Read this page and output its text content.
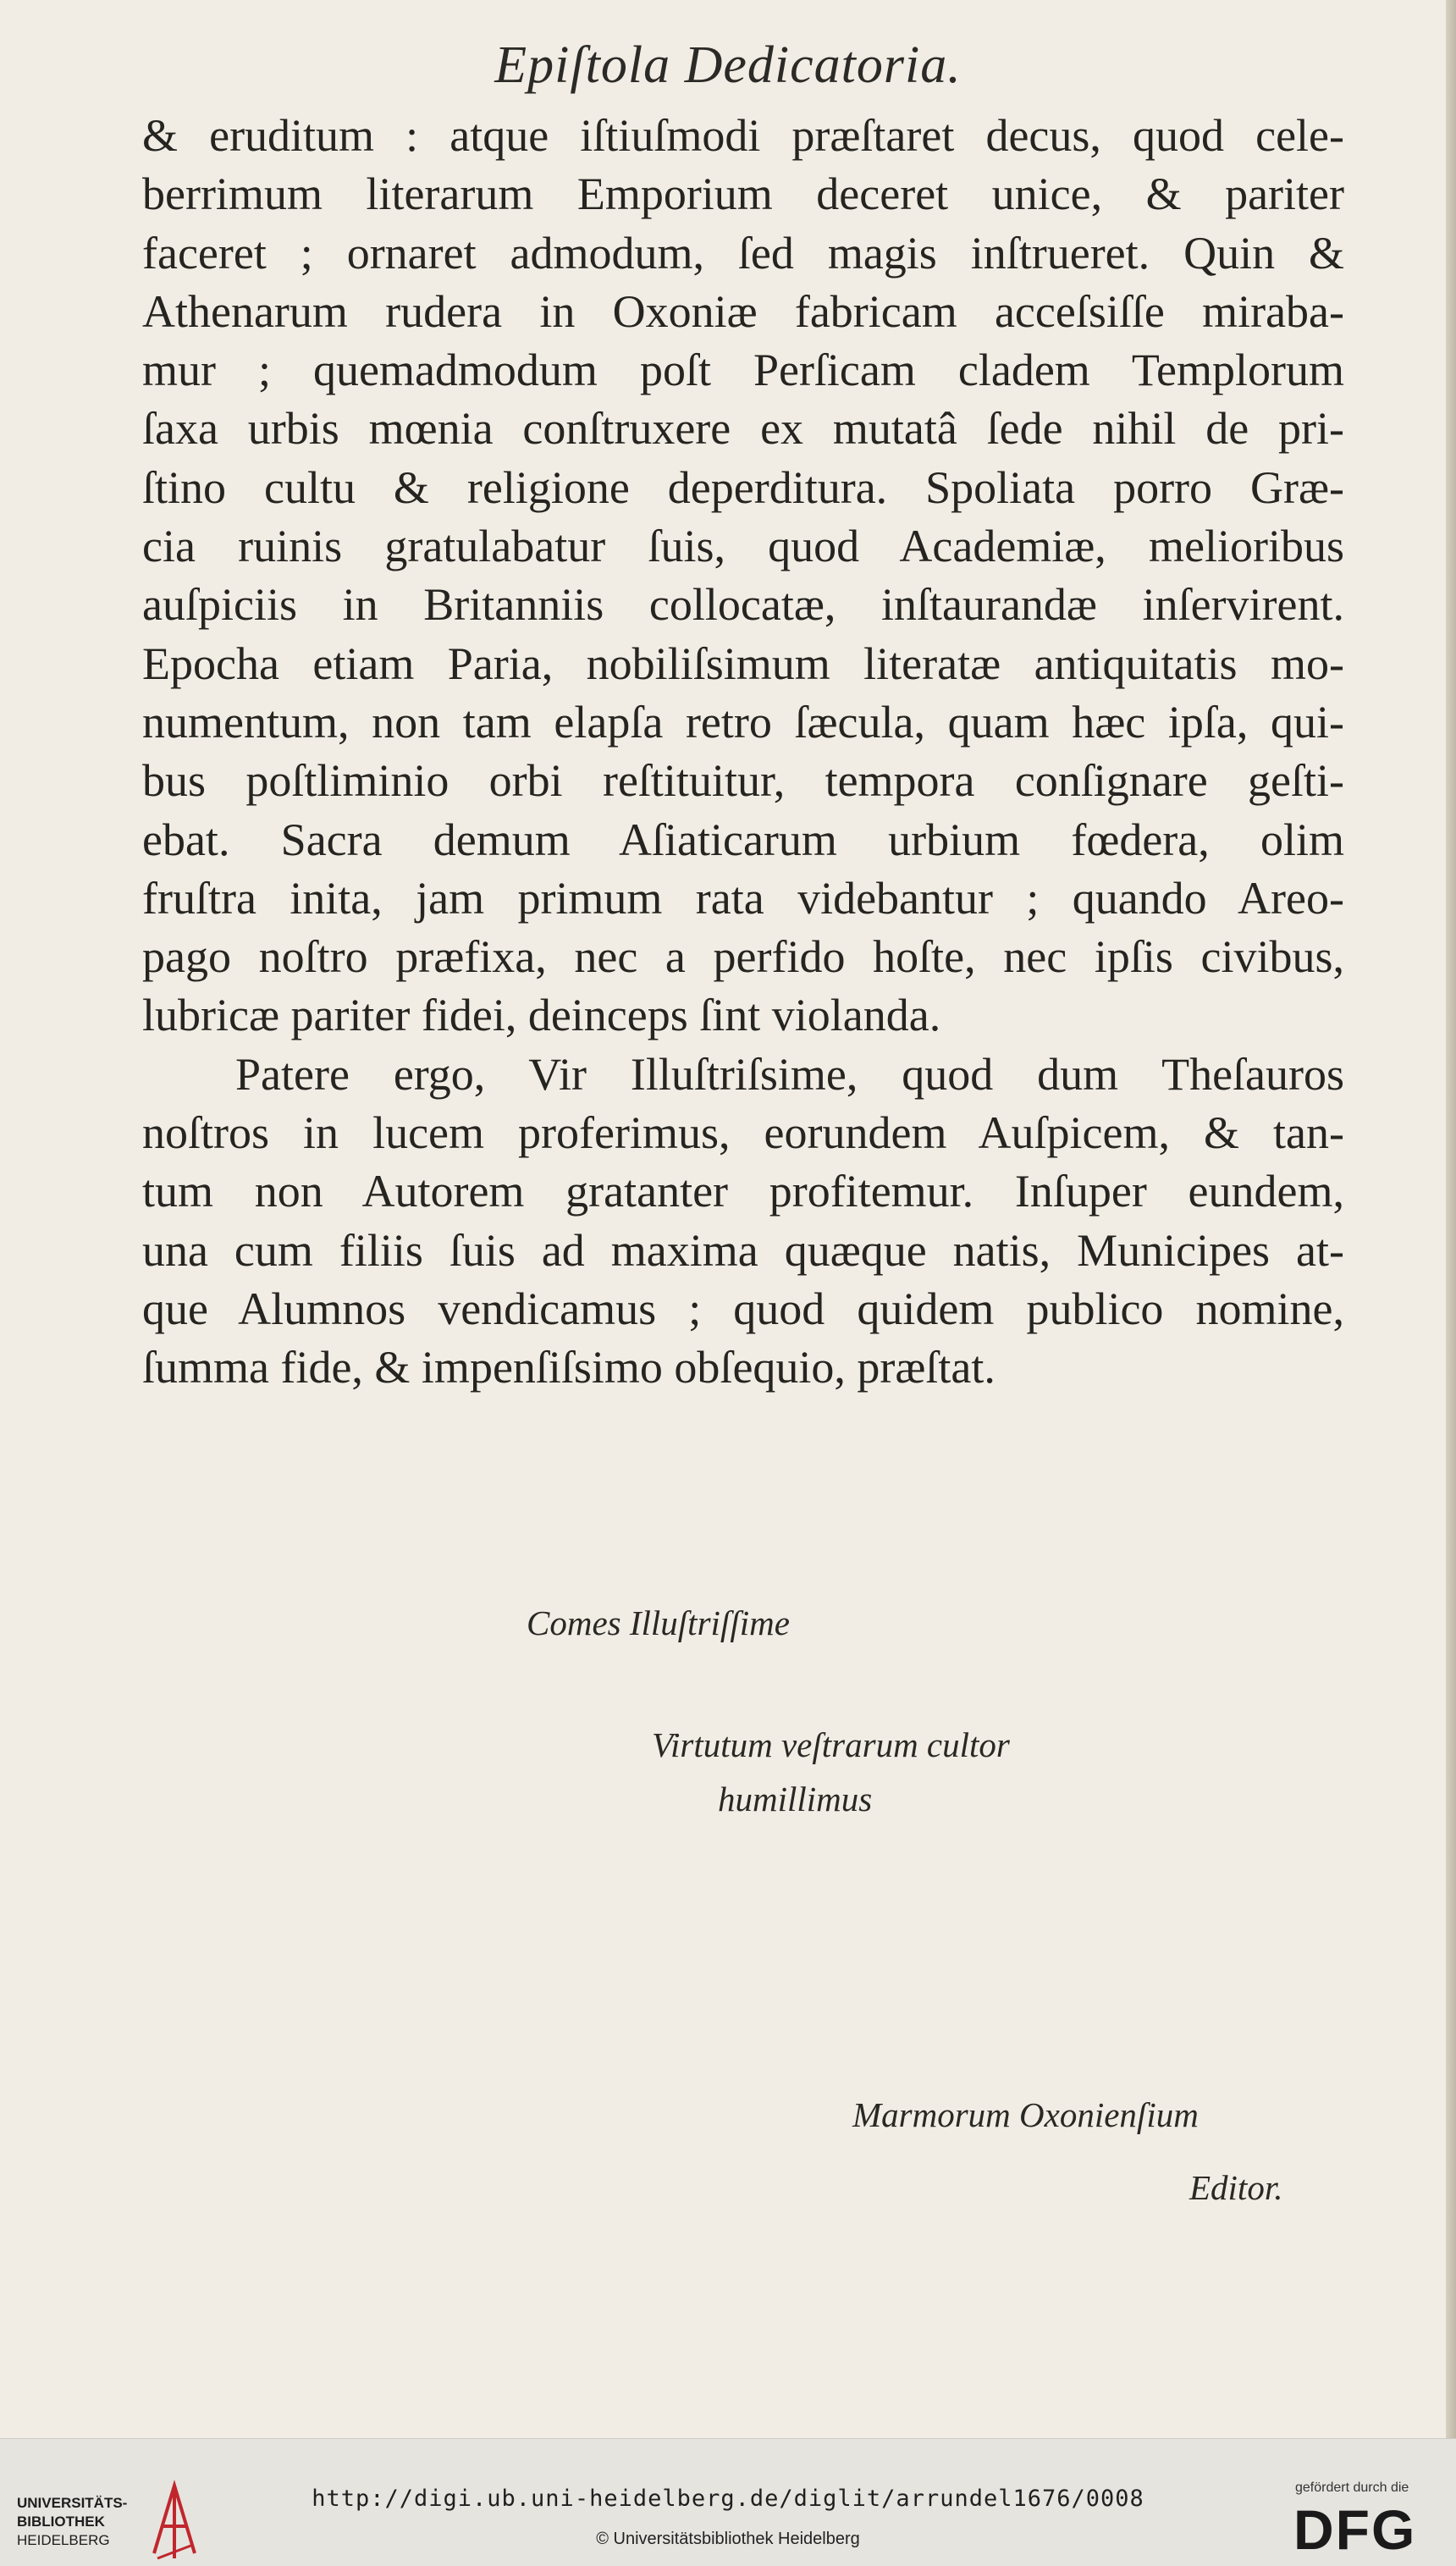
Epiſtola Dedicatoria.
& eruditum : atque iſtiuſmodi præſtaret decus, quod cele-
berrimum literarum Emporium deceret unice, & pariter
faceret ; ornaret admodum, ſed magis inſtrueret. Quin &
Athenarum rudera in Oxoniæ fabricam acceſsiſſe miraba-
mur ; quemadmodum poſt Perſicam cladem Templorum
ſaxa urbis mœnia conſtruxere ex mutatâ ſede nihil de pri-
ſtino cultu & religione deperditura. Spoliata porro Græ-
cia ruinis gratulabatur ſuis, quod Academiæ, melioribus
auſpiciis in Britanniis collocatæ, inſtaurandæ inſervirent.
Epocha etiam Paria, nobiliſsimum literatæ antiquitatis mo-
numentum, non tam elapſa retro ſæcula, quam hæc ipſa, qui-
bus poſtliminio orbi reſtituitur, tempora conſignare geſti-
ebat. Sacra demum Aſiaticarum urbium fœdera, olim
fruſtra inita, jam primum rata videbantur ; quando Areo-
pago noſtro præfixa, nec a perfido hoſte, nec ipſis civibus,
lubricæ pariter fidei, deinceps ſint violanda.
Patere ergo, Vir Illuſtriſsime, quod dum Theſauros
noſtros in lucem proferimus, eorundem Auſpicem, & tan-
tum non Autorem gratanter profitemur. Inſuper eundem,
una cum filiis ſuis ad maxima quæque natis, Municipes at-
que Alumnos vendicamus ; quod quidem publico nomine,
ſumma fide, & impenſiſsimo obſequio, præſtat.
Comes Illuſtriſſime
Virtutum veſtrarum cultor
humillimus
Marmorum Oxonienſium
Editor.
UNIVERSITÄTS-
BIBLIOTHEK
HEIDELBERG
http://digi.ub.uni-heidelberg.de/diglit/arrundel1676/0008
© Universitätsbibliothek Heidelberg
gefördert durch die
DFG
